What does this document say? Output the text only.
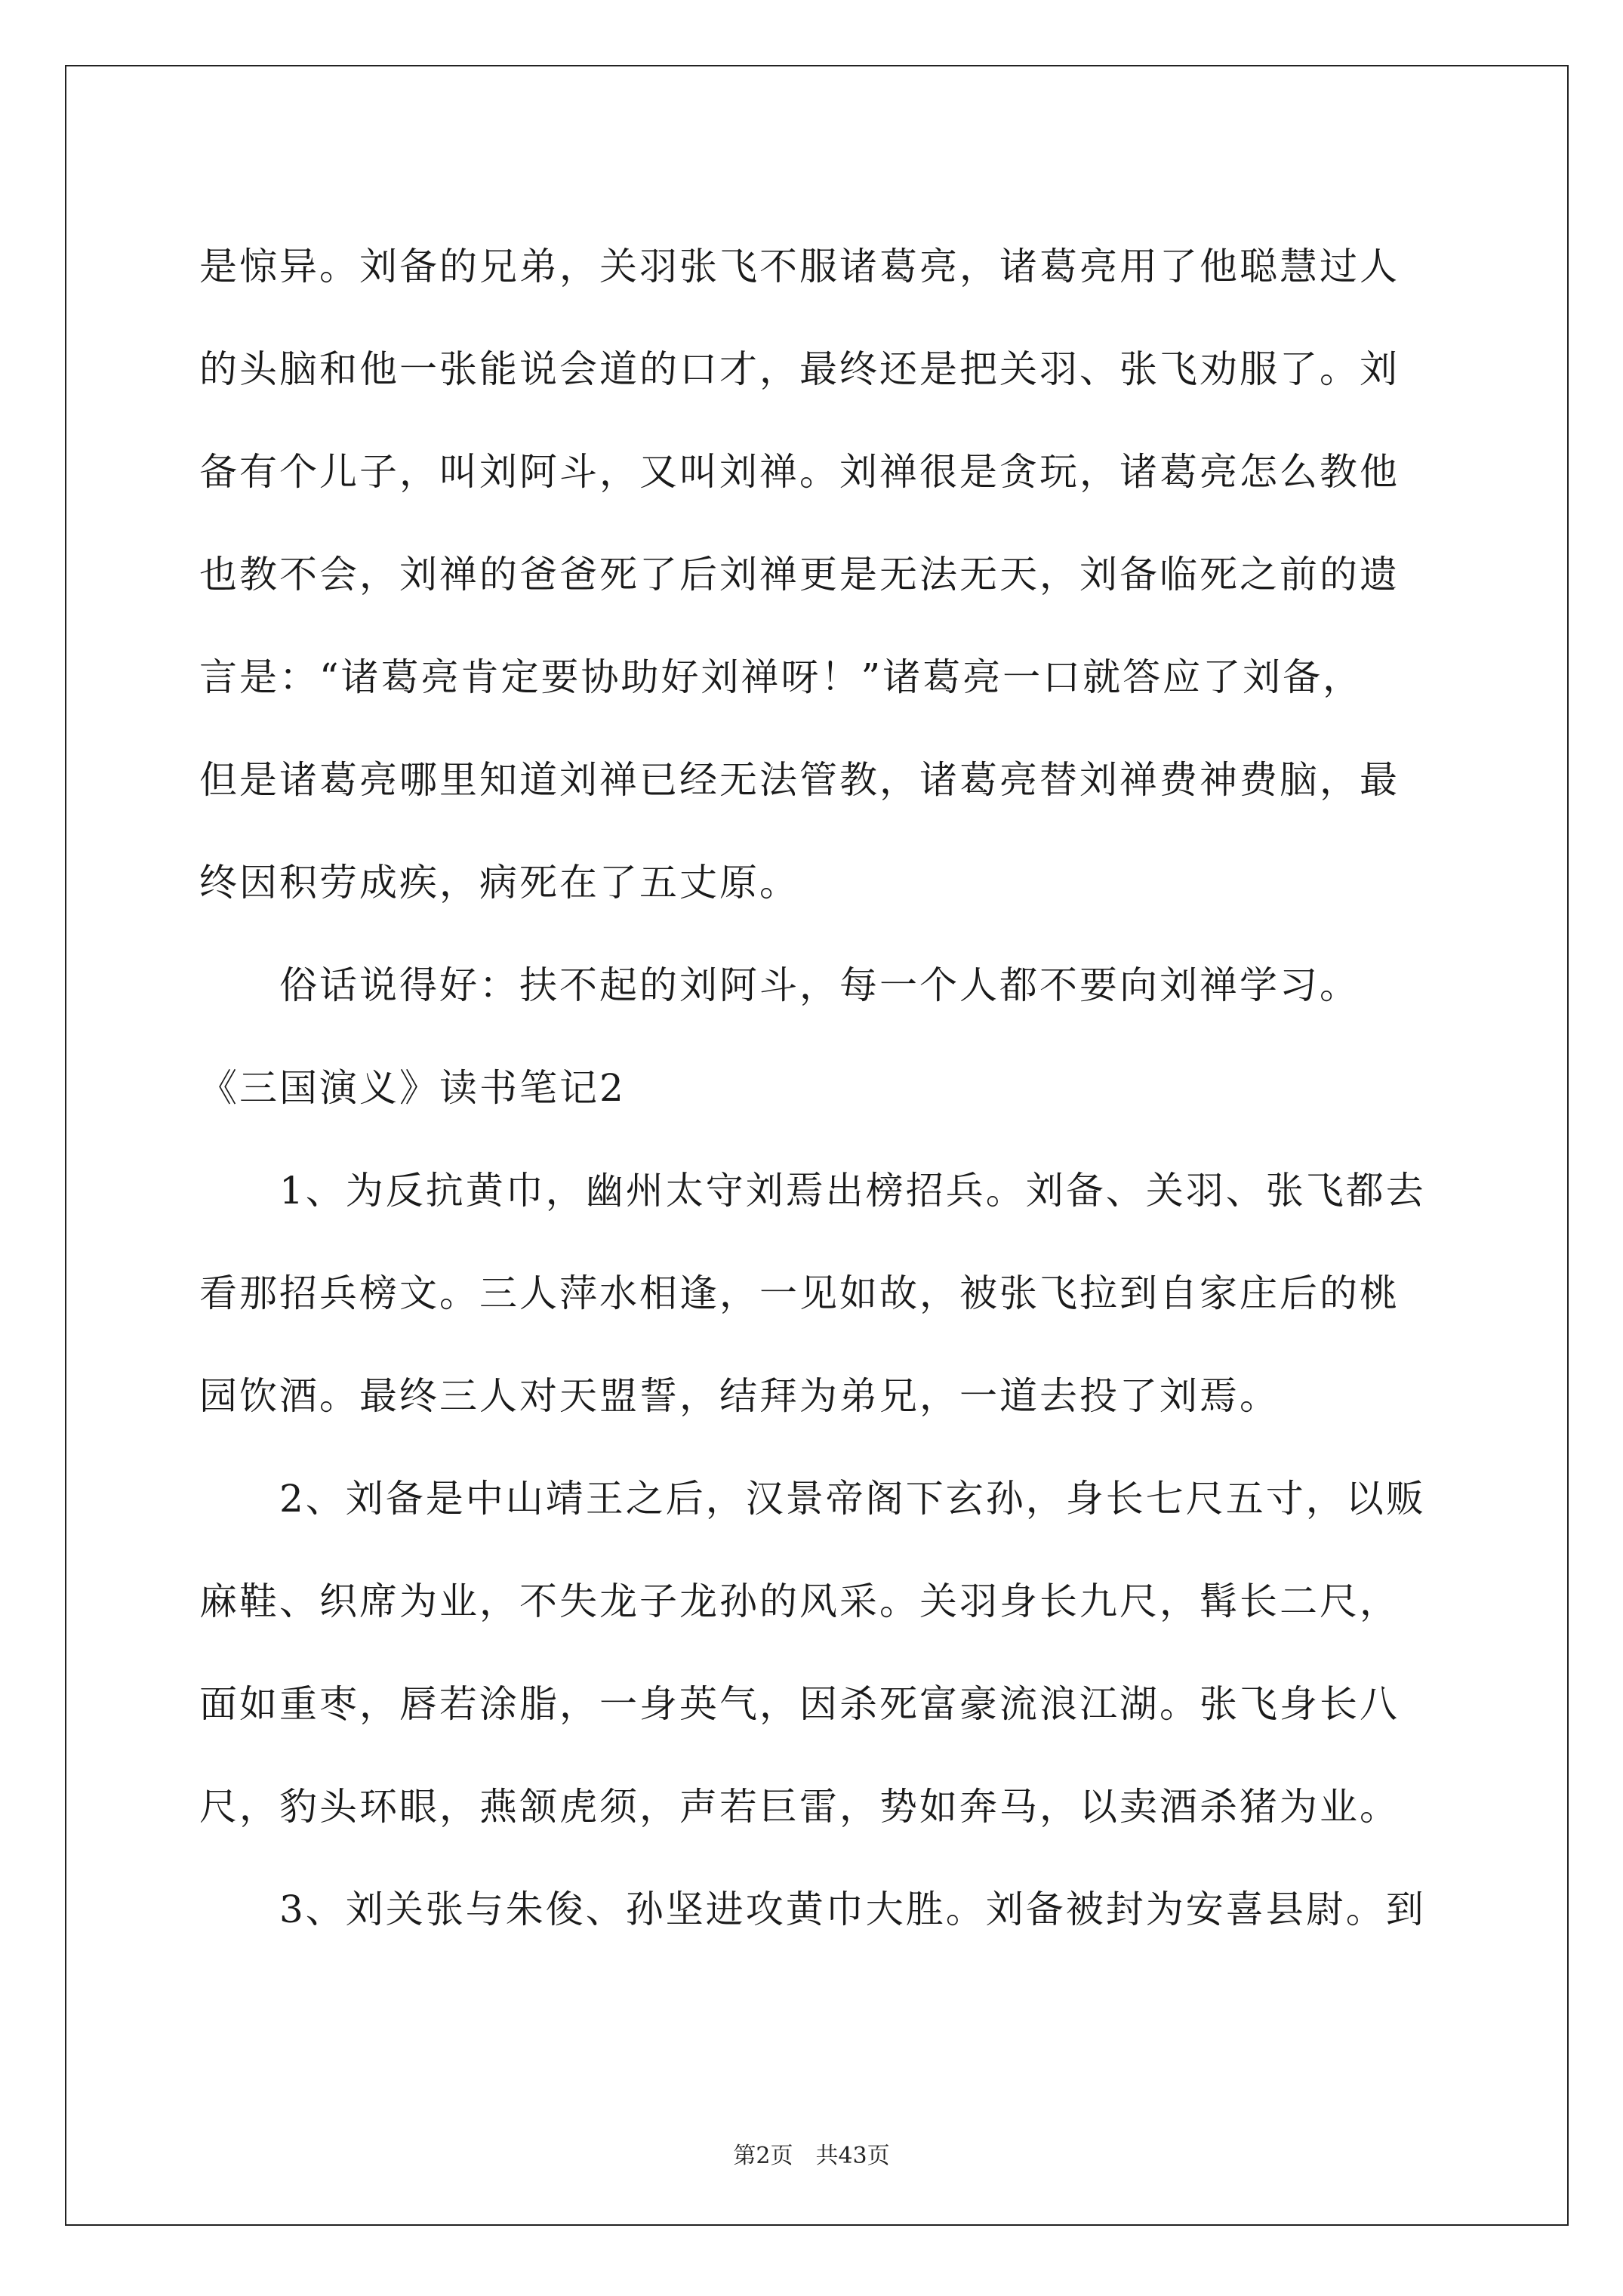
是惊异。刘备的兄弟，关羽张飞不服诸葛亮，诸葛亮用了他聪慧过人
的头脑和他一张能说会道的口才，最终还是把关羽、张飞劝服了。刘
备有个儿子，叫刘阿斗，又叫刘禅。刘禅很是贪玩，诸葛亮怎么教他
也教不会，刘禅的爸爸死了后刘禅更是无法无天，刘备临死之前的遗
言是：“诸葛亮肯定要协助好刘禅呀！”诸葛亮一口就答应了刘备，
但是诸葛亮哪里知道刘禅已经无法管教，诸葛亮替刘禅费神费脑，最
终因积劳成疾，病死在了五丈原。
俗话说得好：扶不起的刘阿斗，每一个人都不要向刘禅学习。
《三国演义》读书笔记2
1、为反抗黄巾，幽州太守刘焉出榜招兵。刘备、关羽、张飞都去
看那招兵榜文。三人萍水相逢，一见如故，被张飞拉到自家庄后的桃
园饮酒。最终三人对天盟誓，结拜为弟兄，一道去投了刘焉。
2、刘备是中山靖王之后，汉景帝阁下玄孙，身长七尺五寸，以贩
麻鞋、织席为业，不失龙子龙孙的风采。关羽身长九尺，髯长二尺，
面如重枣，唇若涂脂，一身英气，因杀死富豪流浪江湖。张飞身长八
尺，豹头环眼，燕颔虎须，声若巨雷，势如奔马，以卖酒杀猪为业。
3、刘关张与朱俊、孙坚进攻黄巾大胜。刘备被封为安喜县尉。到
第2页　共43页
